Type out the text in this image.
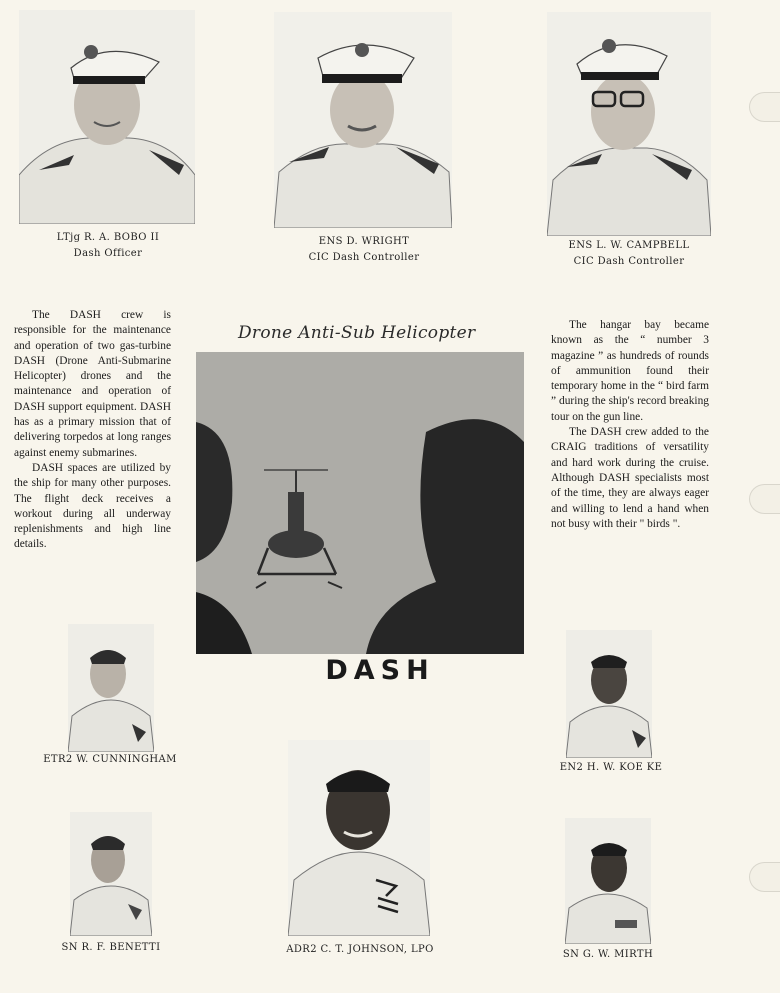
LTjg R. A. BOBO II
Dash Officer
ENS D. WRIGHT
CIC Dash Controller
ENS L. W. CAMPBELL
CIC Dash Controller

The DASH crew is responsible for the maintenance and operation of two gas-turbine DASH (Drone Anti-Submarine Helicopter) drones and the maintenance and operation of DASH support equipment. DASH has as a primary mission that of delivering torpedos at long ranges against enemy submarines.

DASH spaces are utilized by the ship for many other purposes. The flight deck receives a workout during all underway replenishments and high line details.

The hangar bay became known as the “ number 3 magazine ” as hundreds of rounds of ammunition found their temporary home in the “ bird farm ” during the ship's record breaking tour on the gun line.

The DASH crew added to the CRAIG traditions of versatility and hard work during the cruise. Although DASH specialists most of the time, they are always eager and willing to lend a hand when not busy with their " birds ".

Drone Anti-Sub Helicopter
DASH
ETR2 W. CUNNINGHAM
EN2 H. W. KOE KE
SN R. F. BENETTI	ADR2 C. T. JOHNSON, LPO	SN G. W. MIRTH
